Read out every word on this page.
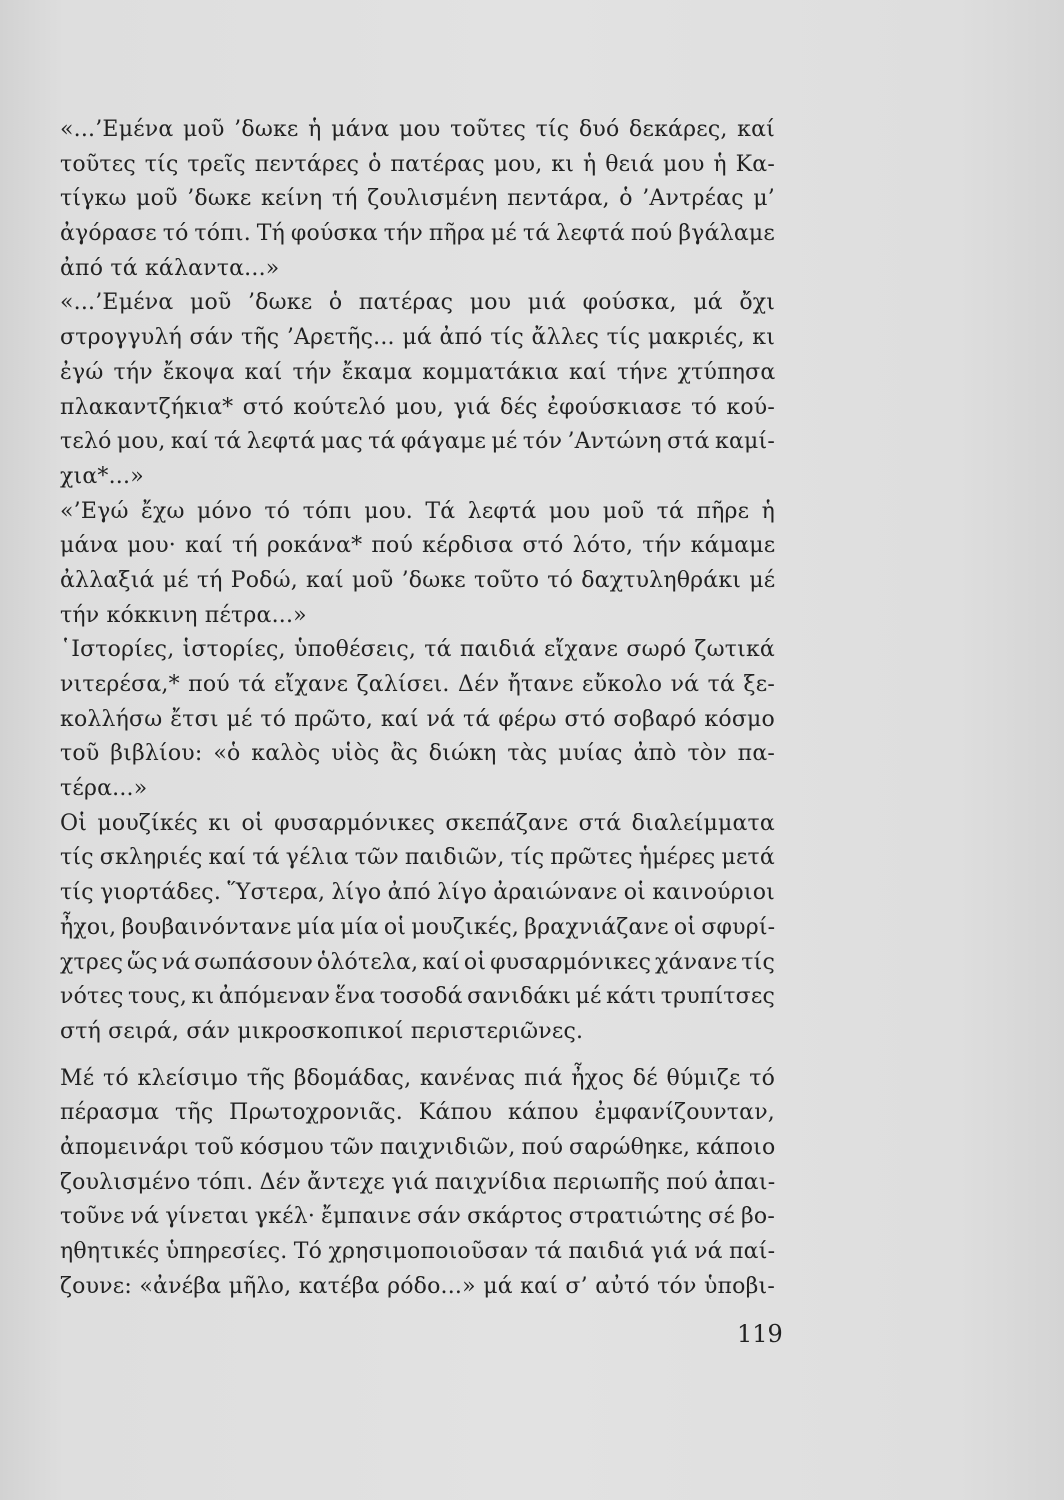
«...’Εμένα μοῦ ’δωκε ἡ μάνα μου τοῦτες τίς δυό δεκάρες, καί
τοῦτες τίς τρεῖς πεντάρες ὁ πατέρας μου, κι ἡ θειά μου ἡ Κα-
τίγκω μοῦ ’δωκε κείνη τή ζουλισμένη πεντάρα, ὁ ’Αντρέας μ’
ἀγόρασε τό τόπι. Τή φούσκα τήν πῆρα μέ τά λεφτά πού βγάλαμε
ἀπό τά κάλαντα...»
«...’Εμένα μοῦ ’δωκε ὁ πατέρας μου μιά φούσκα, μά ὄχι
στρογγυλή σάν τῆς ’Αρετῆς... μά ἀπό τίς ἄλλες τίς μακριές, κι
ἐγώ τήν ἔκοψα καί τήν ἔκαμα κομματάκια καί τήνε χτύπησα
πλακαντζήκια* στό κούτελό μου, γιά δές ἐφούσκιασε τό κού-
τελό μου, καί τά λεφτά μας τά φάγαμε μέ τόν ’Αντώνη στά καμί-
χια*...»
«’Εγώ ἔχω μόνο τό τόπι μου. Τά λεφτά μου μοῦ τά πῆρε ἡ
μάνα μου· καί τή ροκάνα* πού κέρδισα στό λότο, τήν κάμαμε
ἀλλαξιά μέ τή Ροδώ, καί μοῦ ’δωκε τοῦτο τό δαχτυληθράκι μέ
τήν κόκκινη πέτρα...»
῾Ιστορίες, ἱστορίες, ὑποθέσεις, τά παιδιά εἴχανε σωρό ζωτικά
νιτερέσα,* πού τά εἴχανε ζαλίσει. Δέν ἤτανε εὔκολο νά τά ξε-
κολλήσω ἔτσι μέ τό πρῶτο, καί νά τά φέρω στό σοβαρό κόσμο
τοῦ βιβλίου: «ὁ καλὸς υἱὸς ἂς διώκη τὰς μυίας ἀπὸ τὸν πα-
τέρα...»
Οἱ μουζίκές κι οἱ φυσαρμόνικες σκεπάζανε στά διαλείμματα
τίς σκληριές καί τά γέλια τῶν παιδιῶν, τίς πρῶτες ἡμέρες μετά
τίς γιορτάδες. Ὕστερα, λίγο ἀπό λίγο ἀραιώνανε οἱ καινούριοι
ἦχοι, βουβαινόντανε μία μία οἱ μουζικές, βραχνιάζανε οἱ σφυρί-
χτρες ὥς νά σωπάσουν ὁλότελα, καί οἱ φυσαρμόνικες χάνανε τίς
νότες τους, κι ἀπόμεναν ἕνα τοσοδά σανιδάκι μέ κάτι τρυπίτσες
στή σειρά, σάν μικροσκοπικοί περιστεριῶνες.
Μέ τό κλείσιμο τῆς βδομάδας, κανένας πιά ἦχος δέ θύμιζε τό
πέρασμα τῆς Πρωτοχρονιᾶς. Κάπου κάπου ἐμφανίζουνταν,
ἀπομεινάρι τοῦ κόσμου τῶν παιχνιδιῶν, πού σαρώθηκε, κάποιο
ζουλισμένο τόπι. Δέν ἄντεχε γιά παιχνίδια περιωπῆς πού ἀπαι-
τοῦνε νά γίνεται γκέλ· ἔμπαινε σάν σκάρτος στρατιώτης σέ βο-
ηθητικές ὑπηρεσίες. Τό χρησιμοποιοῦσαν τά παιδιά γιά νά παί-
ζουνε: «ἀνέβα μῆλο, κατέβα ρόδο...» μά καί σ’ αὐτό τόν ὑποβι-
119
